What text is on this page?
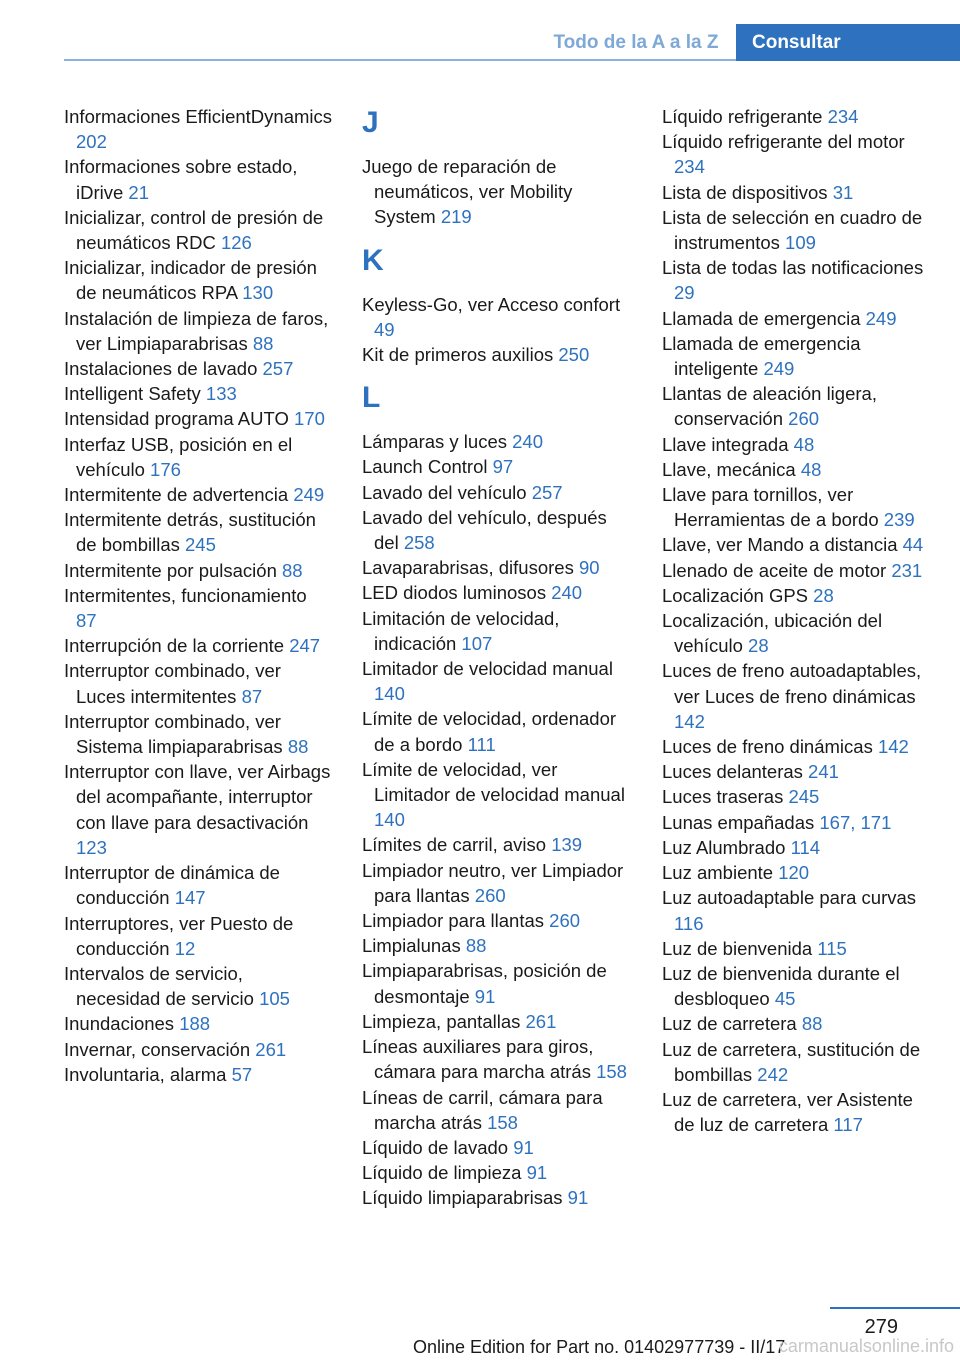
Todo de la A a la Z	Consultar
Informaciones EfficientDynamics 202
Informaciones sobre estado, iDrive 21
Inicializar, control de presión de neumáticos RDC 126
Inicializar, indicador de presión de neumáticos RPA 130
Instalación de limpieza de faros, ver Limpiaparabrisas 88
Instalaciones de lavado 257
Intelligent Safety 133
Intensidad programa AUTO 170
Interfaz USB, posición en el vehículo 176
Intermitente de advertencia 249
Intermitente detrás, sustitución de bombillas 245
Intermitente por pulsación 88
Intermitentes, funcionamiento 87
Interrupción de la corriente 247
Interruptor combinado, ver Luces intermitentes 87
Interruptor combinado, ver Sistema limpiaparabrisas 88
Interruptor con llave, ver Airbags del acompañante, interruptor con llave para desactivación 123
Interruptor de dinámica de conducción 147
Interruptores, ver Puesto de conducción 12
Intervalos de servicio, necesidad de servicio 105
Inundaciones 188
Invernar, conservación 261
Involuntaria, alarma 57
J
Juego de reparación de neumáticos, ver Mobility System 219
K
Keyless-Go, ver Acceso confort 49
Kit de primeros auxilios 250
L
Lámparas y luces 240
Launch Control 97
Lavado del vehículo 257
Lavado del vehículo, después del 258
Lavaparabrisas, difusores 90
LED diodos luminosos 240
Limitación de velocidad, indicación 107
Limitador de velocidad manual 140
Límite de velocidad, ordenador de a bordo 111
Límite de velocidad, ver Limitador de velocidad manual 140
Límites de carril, aviso 139
Limpiador neutro, ver Limpiador para llantas 260
Limpiador para llantas 260
Limpialunas 88
Limpiaparabrisas, posición de desmontaje 91
Limpieza, pantallas 261
Líneas auxiliares para giros, cámara para marcha atrás 158
Líneas de carril, cámara para marcha atrás 158
Líquido de lavado 91
Líquido de limpieza 91
Líquido limpiaparabrisas 91
Líquido refrigerante 234
Líquido refrigerante del motor 234
Lista de dispositivos 31
Lista de selección en cuadro de instrumentos 109
Lista de todas las notificaciones 29
Llamada de emergencia 249
Llamada de emergencia inteligente 249
Llantas de aleación ligera, conservación 260
Llave integrada 48
Llave, mecánica 48
Llave para tornillos, ver Herramientas de a bordo 239
Llave, ver Mando a distancia 44
Llenado de aceite de motor 231
Localización GPS 28
Localización, ubicación del vehículo 28
Luces de freno autoadaptables, ver Luces de freno dinámicas 142
Luces de freno dinámicas 142
Luces delanteras 241
Luces traseras 245
Lunas empañadas 167, 171
Luz Alumbrado 114
Luz ambiente 120
Luz autoadaptable para curvas 116
Luz de bienvenida 115
Luz de bienvenida durante el desbloqueo 45
Luz de carretera 88
Luz de carretera, sustitución de bombillas 242
Luz de carretera, ver Asistente de luz de carretera 117
279
Online Edition for Part no. 01402977739 - II/17
carmanualsonline.info
